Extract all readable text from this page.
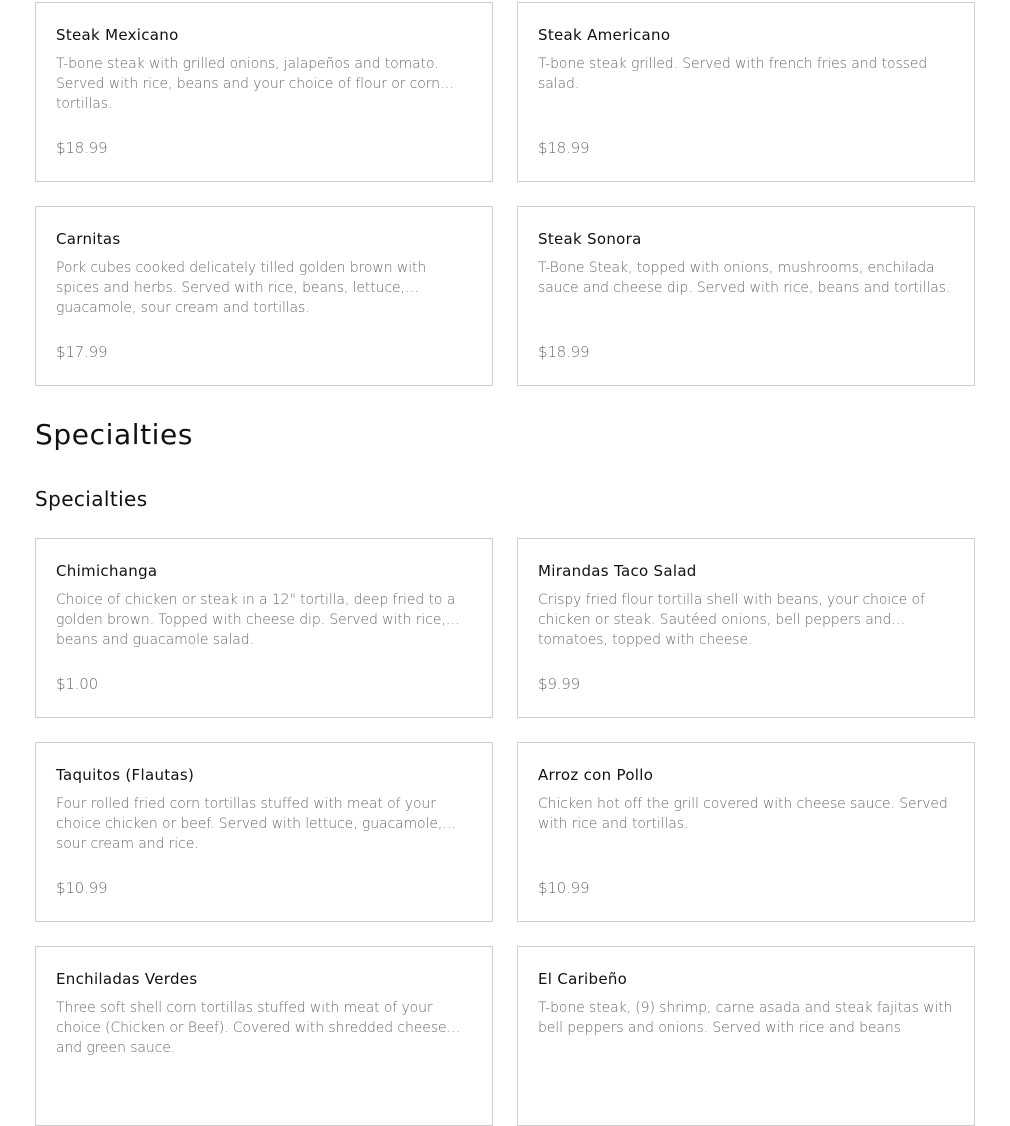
Steak Mexicano
T-bone steak with grilled onions, jalapeños and tomato. Served with rice, beans and your choice of flour or corn tortillas.
$18.99
Steak Americano
T-bone steak grilled. Served with french fries and tossed salad.
$18.99
Carnitas
Pork cubes cooked delicately tilled golden brown with spices and herbs. Served with rice, beans, lettuce, guacamole, sour cream and tortillas.
$17.99
Steak Sonora
T-Bone Steak, topped with onions, mushrooms, enchilada sauce and cheese dip. Served with rice, beans and tortillas.
$18.99
Specialties
Specialties
Chimichanga
Choice of chicken or steak in a 12" tortilla, deep fried to a golden brown. Topped with cheese dip. Served with rice, beans and guacamole salad.
$1.00
Mirandas Taco Salad
Crispy fried flour tortilla shell with beans, your choice of chicken or steak. Sautéed onions, bell peppers and tomatoes, topped with cheese.
$9.99
Taquitos (Flautas)
Four rolled fried corn tortillas stuffed with meat of your choice chicken or beef. Served with lettuce, guacamole, sour cream and rice.
$10.99
Arroz con Pollo
Chicken hot off the grill covered with cheese sauce. Served with rice and tortillas.
$10.99
Enchiladas Verdes
Three soft shell corn tortillas stuffed with meat of your choice (Chicken or Beef). Covered with shredded cheese and green sauce.
El Caribeño
T-bone steak, (9) shrimp, carne asada and steak fajitas with bell peppers and onions. Served with rice and beans
